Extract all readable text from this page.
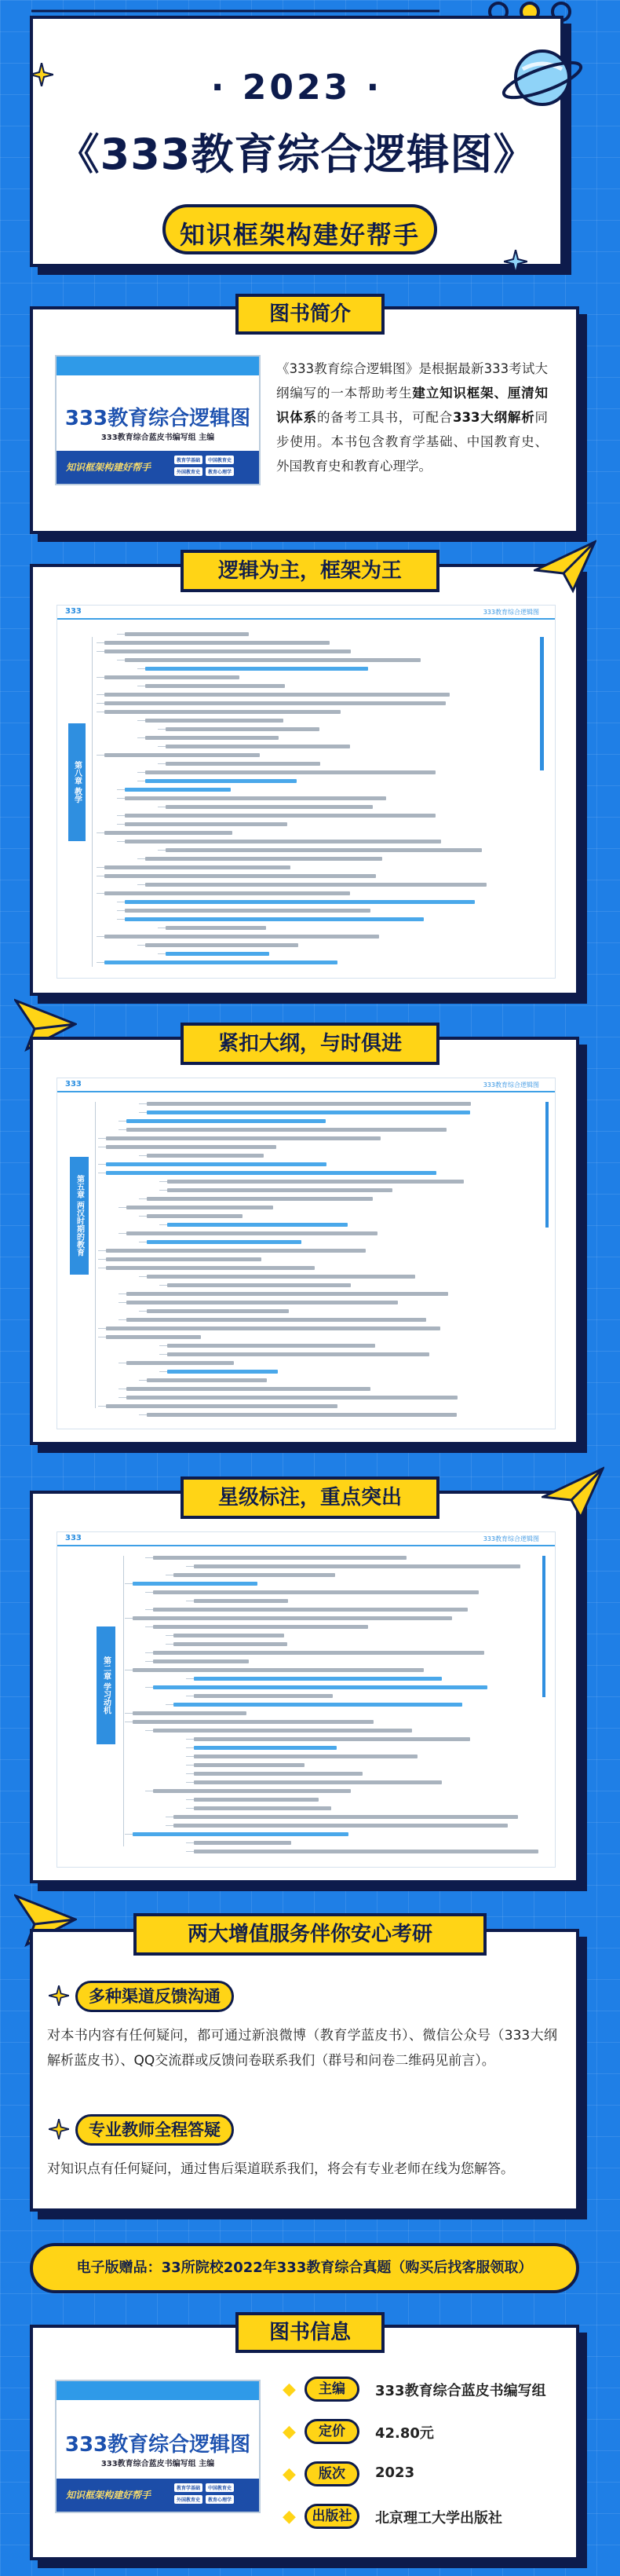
· 2023 ·
《333教育综合逻辑图》
知识框架构建好帮手
图书简介
333教育综合逻辑图
333教育综合蓝皮书编写组 主编
知识框架构建好帮手
教育学基础	中国教育史
外国教育史	教育心理学
《333教育综合逻辑图》是根据最新333考试大纲编写的一本帮助考生建立知识框架、厘清知识体系的备考工具书，可配合333大纲解析同步使用。本书包含教育学基础、中国教育史、外国教育史和教育心理学。
逻辑为主，框架为王
333	333教育综合逻辑图
第八章 教学
紧扣大纲，与时俱进
333	333教育综合逻辑图
第五章 两汉时期的教育
星级标注，重点突出
333	333教育综合逻辑图
第二章 学习动机
两大增值服务伴你安心考研
多种渠道反馈沟通
对本书内容有任何疑问，都可通过新浪微博（教育学蓝皮书）、微信公众号（333大纲解析蓝皮书）、QQ交流群或反馈问卷联系我们（群号和问卷二维码见前言）。
专业教师全程答疑
对知识点有任何疑问，通过售后渠道联系我们，将会有专业老师在线为您解答。
电子版赠品：33所院校2022年333教育综合真题（购买后找客服领取）
图书信息
333教育综合逻辑图
333教育综合蓝皮书编写组 主编
知识框架构建好帮手
教育学基础	中国教育史
外国教育史	教育心理学
◆	主编	333教育综合蓝皮书编写组
◆	定价	42.80元
◆	版次	2023
◆	出版社	北京理工大学出版社
